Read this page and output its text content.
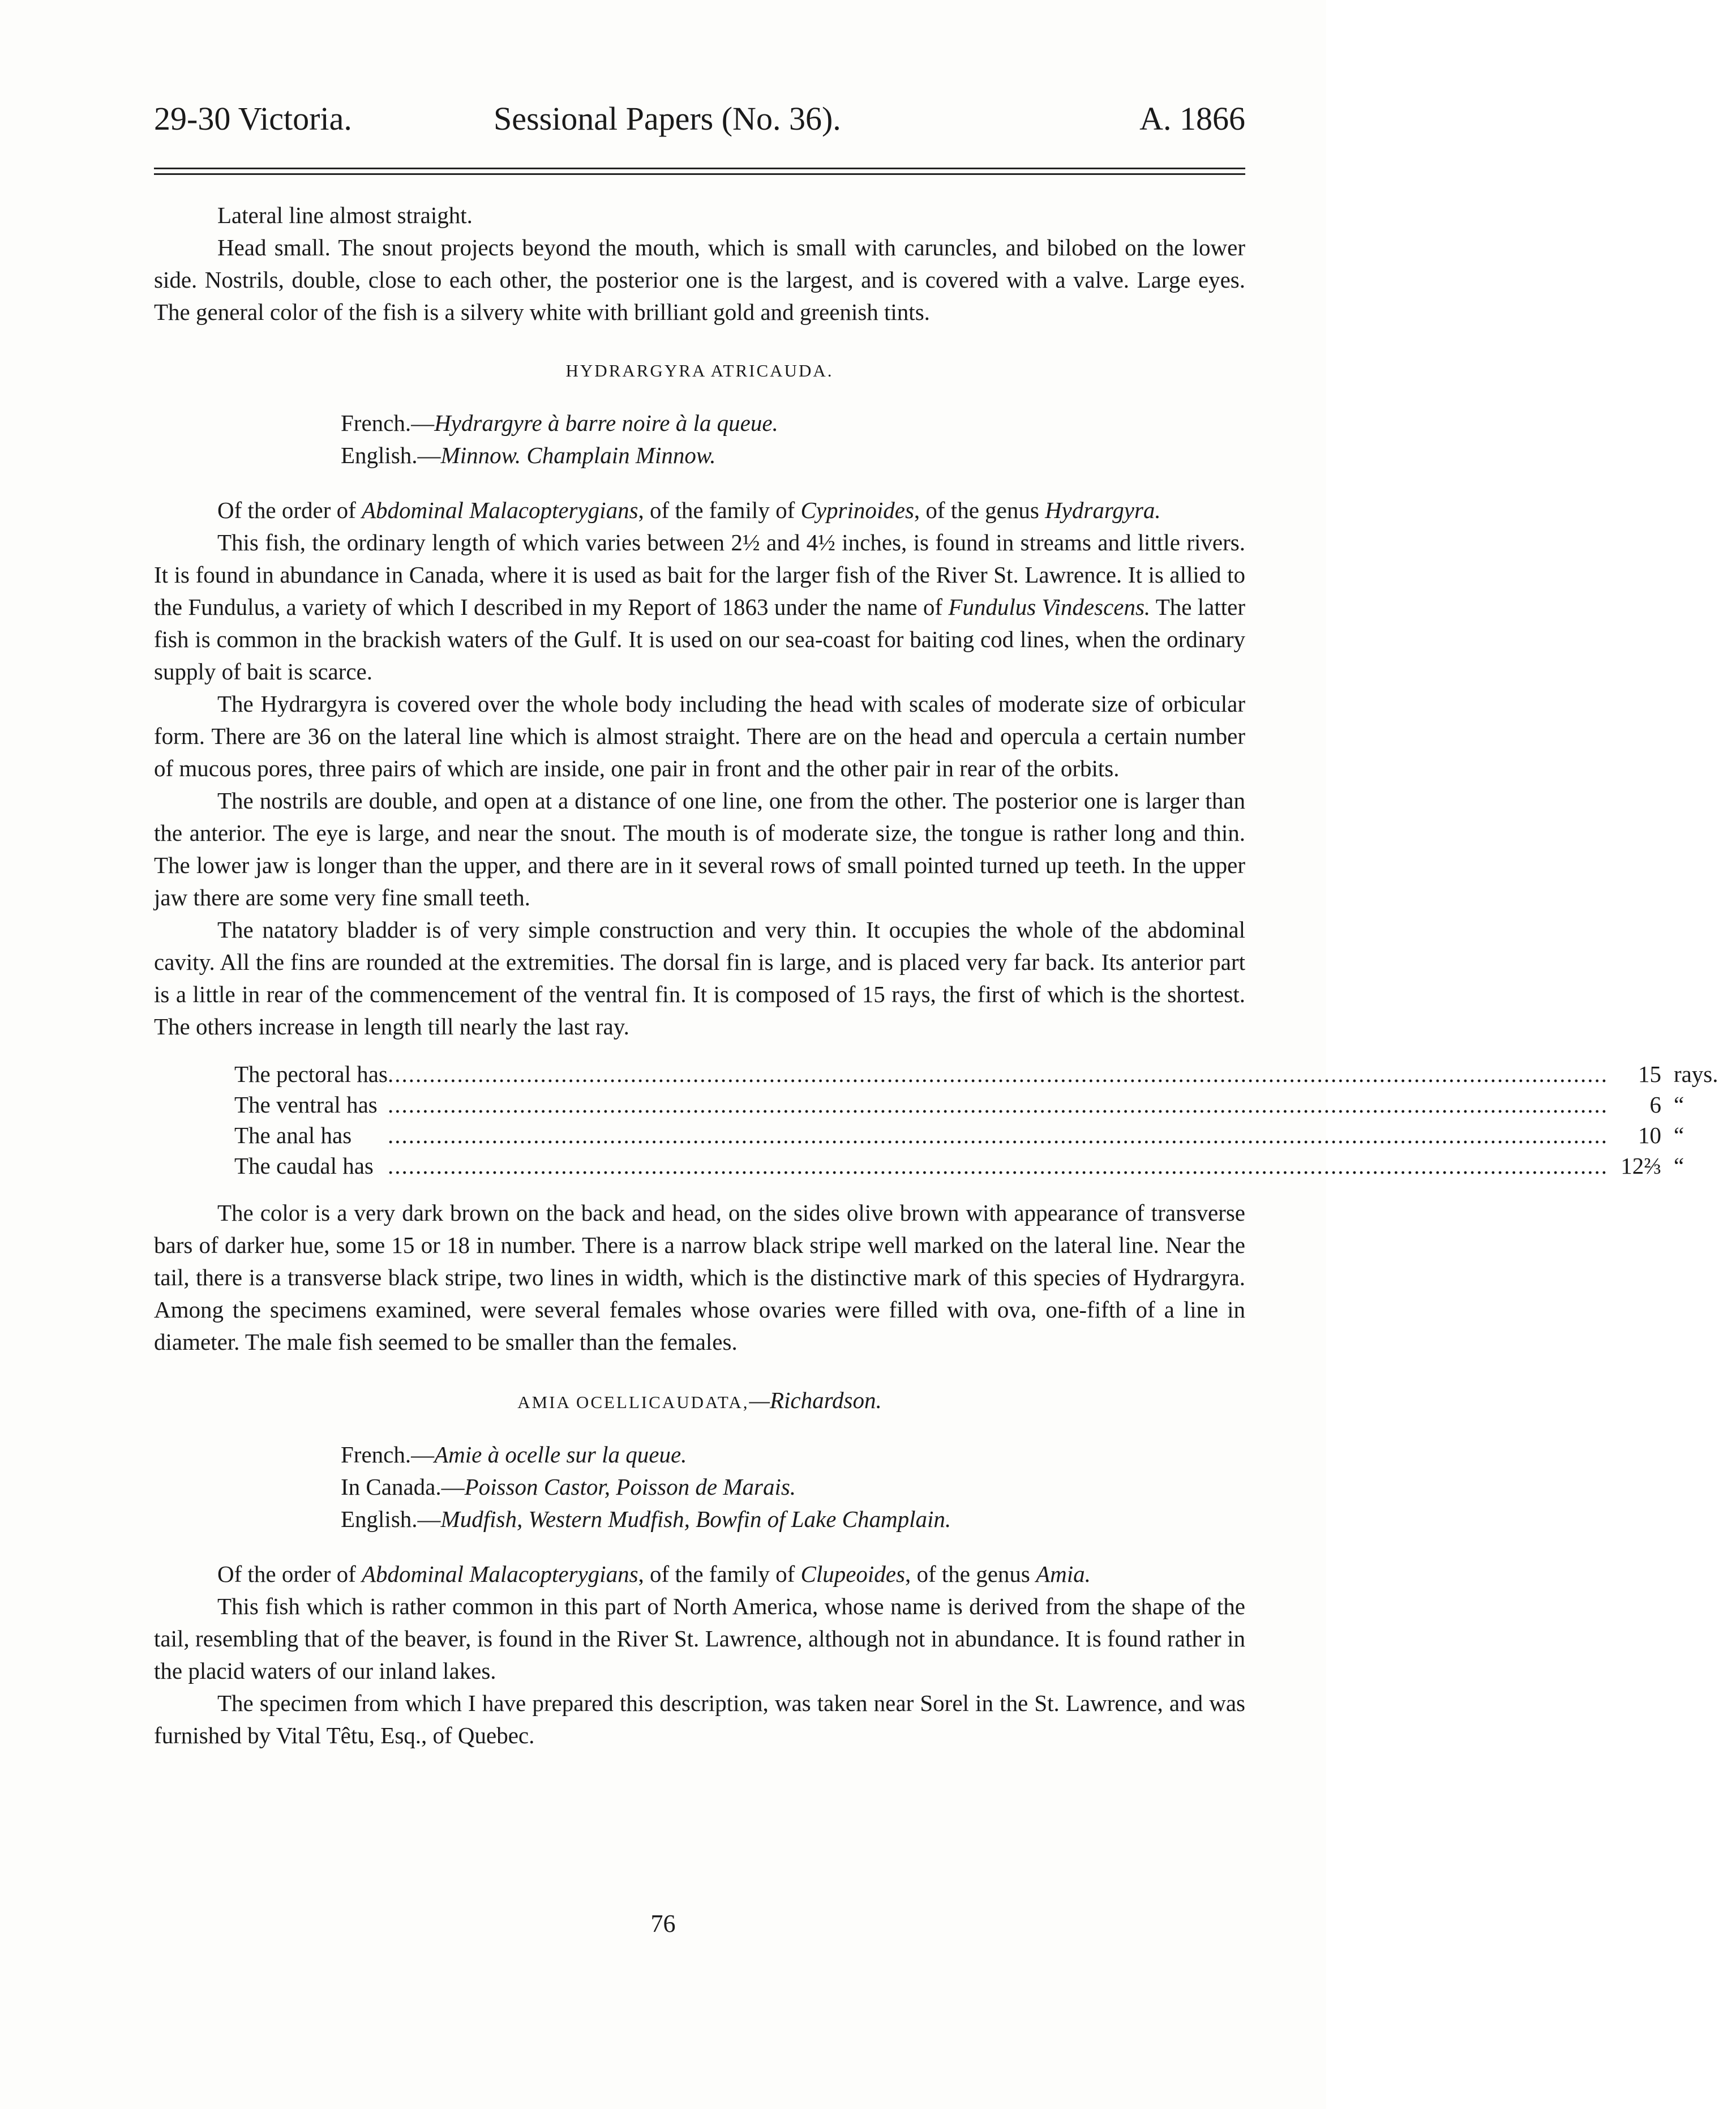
29-30 Victoria.	Sessional Papers (No. 36).	A. 1866

Lateral line almost straight.

Head small. The snout projects beyond the mouth, which is small with caruncles, and bilobed on the lower side. Nostrils, double, close to each other, the posterior one is the largest, and is covered with a valve. Large eyes. The general color of the fish is a silvery white with brilliant gold and greenish tints.

HYDRARGYRA ATRICAUDA.

French.—Hydrargyre à barre noire à la queue.
English.—Minnow. Champlain Minnow.

Of the order of Abdominal Malacopterygians, of the family of Cyprinoides, of the genus Hydrargyra.

This fish, the ordinary length of which varies between 2½ and 4½ inches, is found in streams and little rivers. It is found in abundance in Canada, where it is used as bait for the larger fish of the River St. Lawrence. It is allied to the Fundulus, a variety of which I described in my Report of 1863 under the name of Fundulus Vindescens. The latter fish is common in the brackish waters of the Gulf. It is used on our sea-coast for baiting cod lines, when the ordinary supply of bait is scarce.

The Hydrargyra is covered over the whole body including the head with scales of moderate size of orbicular form. There are 36 on the lateral line which is almost straight. There are on the head and opercula a certain number of mucous pores, three pairs of which are inside, one pair in front and the other pair in rear of the orbits.

The nostrils are double, and open at a distance of one line, one from the other. The posterior one is larger than the anterior. The eye is large, and near the snout. The mouth is of moderate size, the tongue is rather long and thin. The lower jaw is longer than the upper, and there are in it several rows of small pointed turned up teeth. In the upper jaw there are some very fine small teeth.

The natatory bladder is of very simple construction and very thin. It occupies the whole of the abdominal cavity. All the fins are rounded at the extremities. The dorsal fin is large, and is placed very far back. Its anterior part is a little in rear of the commencement of the ventral fin. It is composed of 15 rays, the first of which is the shortest. The others increase in length till nearly the last ray.

The pectoral has	.....	15	rays.
The ventral has	.....	6	“
The anal has	.....	10	“
The caudal has	.....	12⅔	“

The color is a very dark brown on the back and head, on the sides olive brown with appearance of transverse bars of darker hue, some 15 or 18 in number. There is a narrow black stripe well marked on the lateral line. Near the tail, there is a transverse black stripe, two lines in width, which is the distinctive mark of this species of Hydrargyra. Among the specimens examined, were several females whose ovaries were filled with ova, one-fifth of a line in diameter. The male fish seemed to be smaller than the females.

AMIA OCELLICAUDATA,—Richardson.

French.—Amie à ocelle sur la queue.
In Canada.—Poisson Castor, Poisson de Marais.
English.—Mudfish, Western Mudfish, Bowfin of Lake Champlain.

Of the order of Abdominal Malacopterygians, of the family of Clupeoides, of the genus Amia.

This fish which is rather common in this part of North America, whose name is derived from the shape of the tail, resembling that of the beaver, is found in the River St. Lawrence, although not in abundance. It is found rather in the placid waters of our inland lakes.

The specimen from which I have prepared this description, was taken near Sorel in the St. Lawrence, and was furnished by Vital Têtu, Esq., of Quebec.

76
